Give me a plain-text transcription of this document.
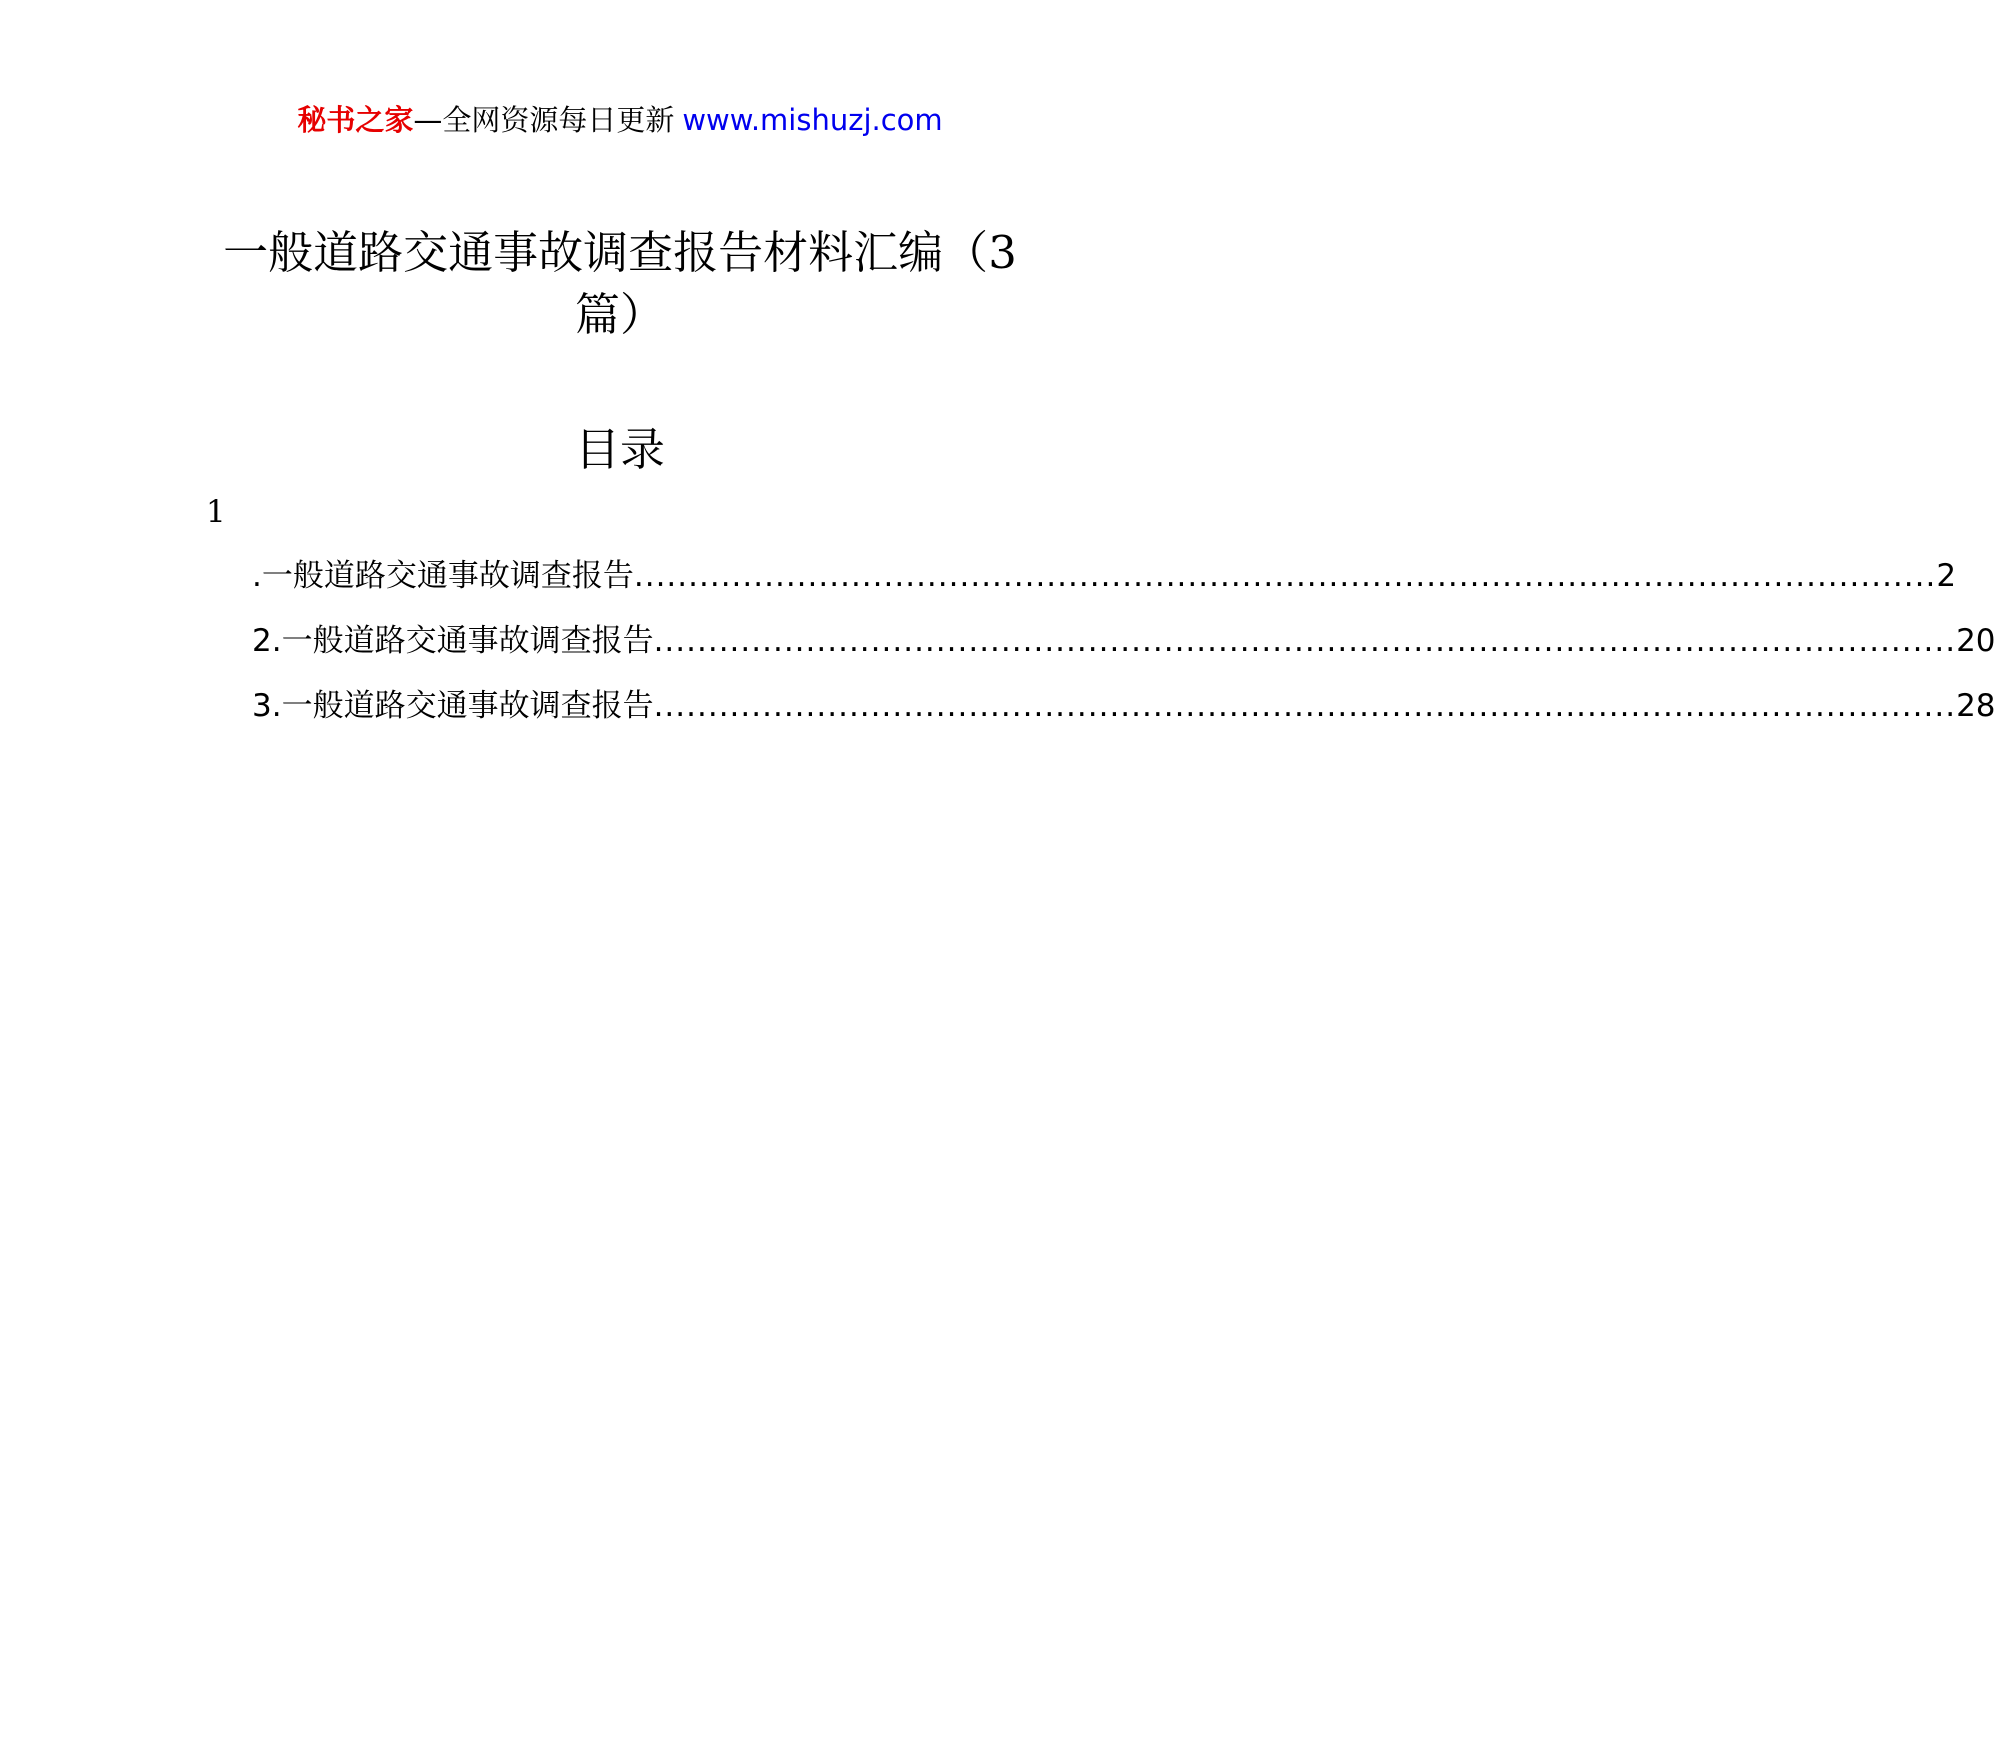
秘书之家—全网资源每日更新 www.mishuzj.com
一般道路交通事故调查报告材料汇编（3
篇）
目录
1
.一般道路交通事故调查报告 ........................................................................................................................ 2
2.一般道路交通事故调查报告 ........................................................................................................................ 20
3.一般道路交通事故调查报告 ........................................................................................................................ 28
